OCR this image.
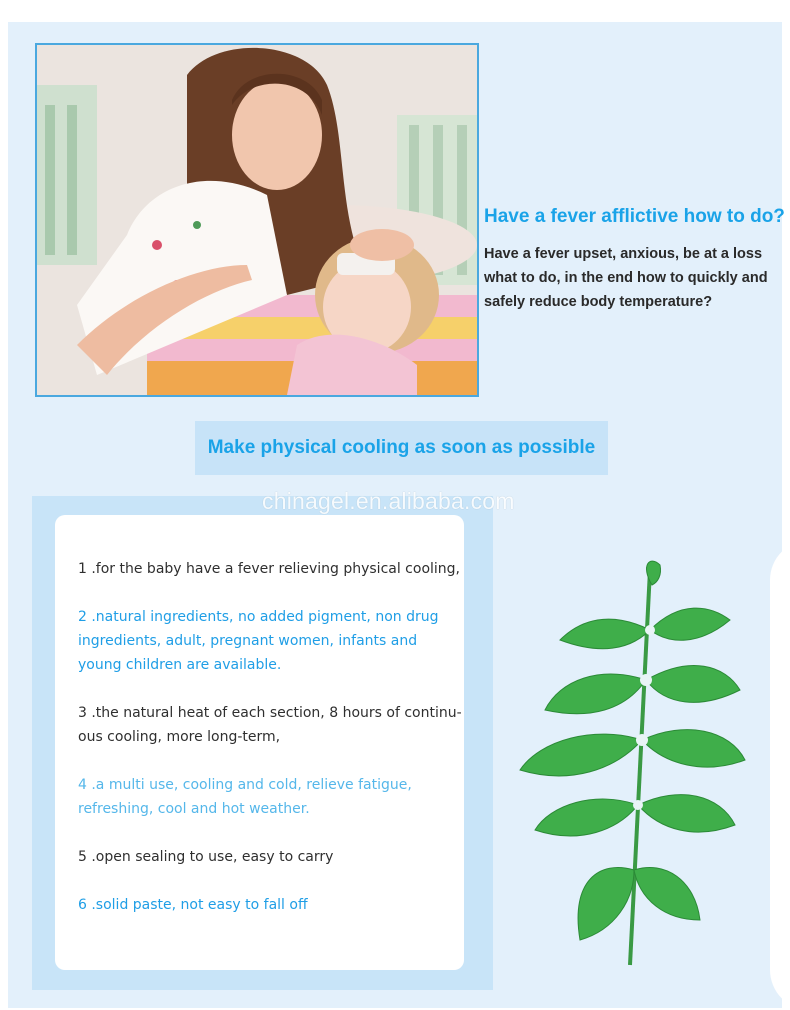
Have a fever afflictive how to do?

Have a fever upset, anxious, be at a loss what to do, in the end how to quickly and safely reduce body temperature?

Make physical cooling as soon as possible

1 .for the baby have a fever relieving physical cooling,

2 .natural ingredients, no added pigment, non drug ingredients, adult, pregnant women, infants and young children are available.

3 .the natural heat of each section, 8 hours of continu-ous cooling, more long-term,

4 .a multi use, cooling and cold, relieve fatigue, refreshing, cool and hot weather.

5 .open sealing to use, easy to carry

6 .solid paste, not easy to fall off

chinagel.en.alibaba.com
